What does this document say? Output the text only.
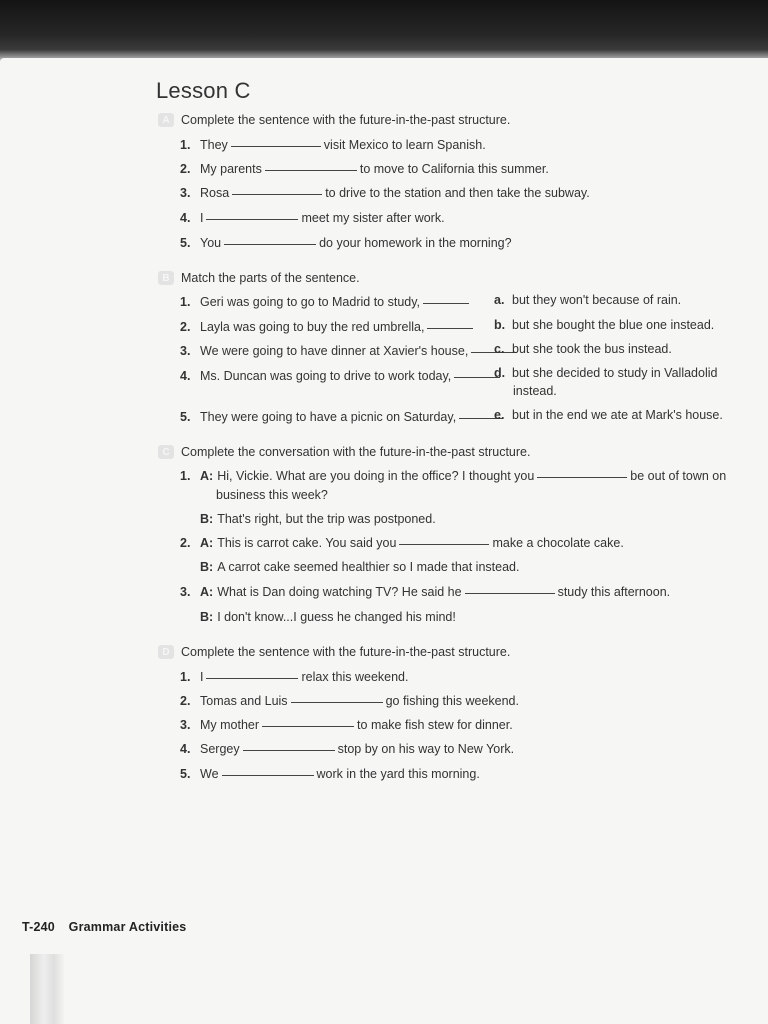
Lesson C
A Complete the sentence with the future-in-the-past structure.
1. They	visit Mexico to learn Spanish.
2. My parents	to move to California this summer.
3. Rosa	to drive to the station and then take the subway.
4. I	meet my sister after work.
5. You	do your homework in the morning?
B Match the parts of the sentence.
1. Geri was going to go to Madrid to study,
2. Layla was going to buy the red umbrella,
3. We were going to have dinner at Xavier's house,
4. Ms. Duncan was going to drive to work today,
5. They were going to have a picnic on Saturday,
a. but they won't because of rain.
b. but she bought the blue one instead.
c. but she took the bus instead.
d. but she decided to study in Valladolid
instead.
e. but in the end we ate at Mark's house.
C Complete the conversation with the future-in-the-past structure.
1. A: Hi, Vickie. What are you doing in the office? I thought you	be out of town on
business this week?
B: That's right, but the trip was postponed.
2. A: This is carrot cake. You said you	make a chocolate cake.
B: A carrot cake seemed healthier so I made that instead.
3. A: What is Dan doing watching TV? He said he	study this afternoon.
B: I don't know...I guess he changed his mind!
D Complete the sentence with the future-in-the-past structure.
1. I	relax this weekend.
2. Tomas and Luis	go fishing this weekend.
3. My mother	to make fish stew for dinner.
4. Sergey	stop by on his way to New York.
5. We	work in the yard this morning.
T-240 Grammar Activities
